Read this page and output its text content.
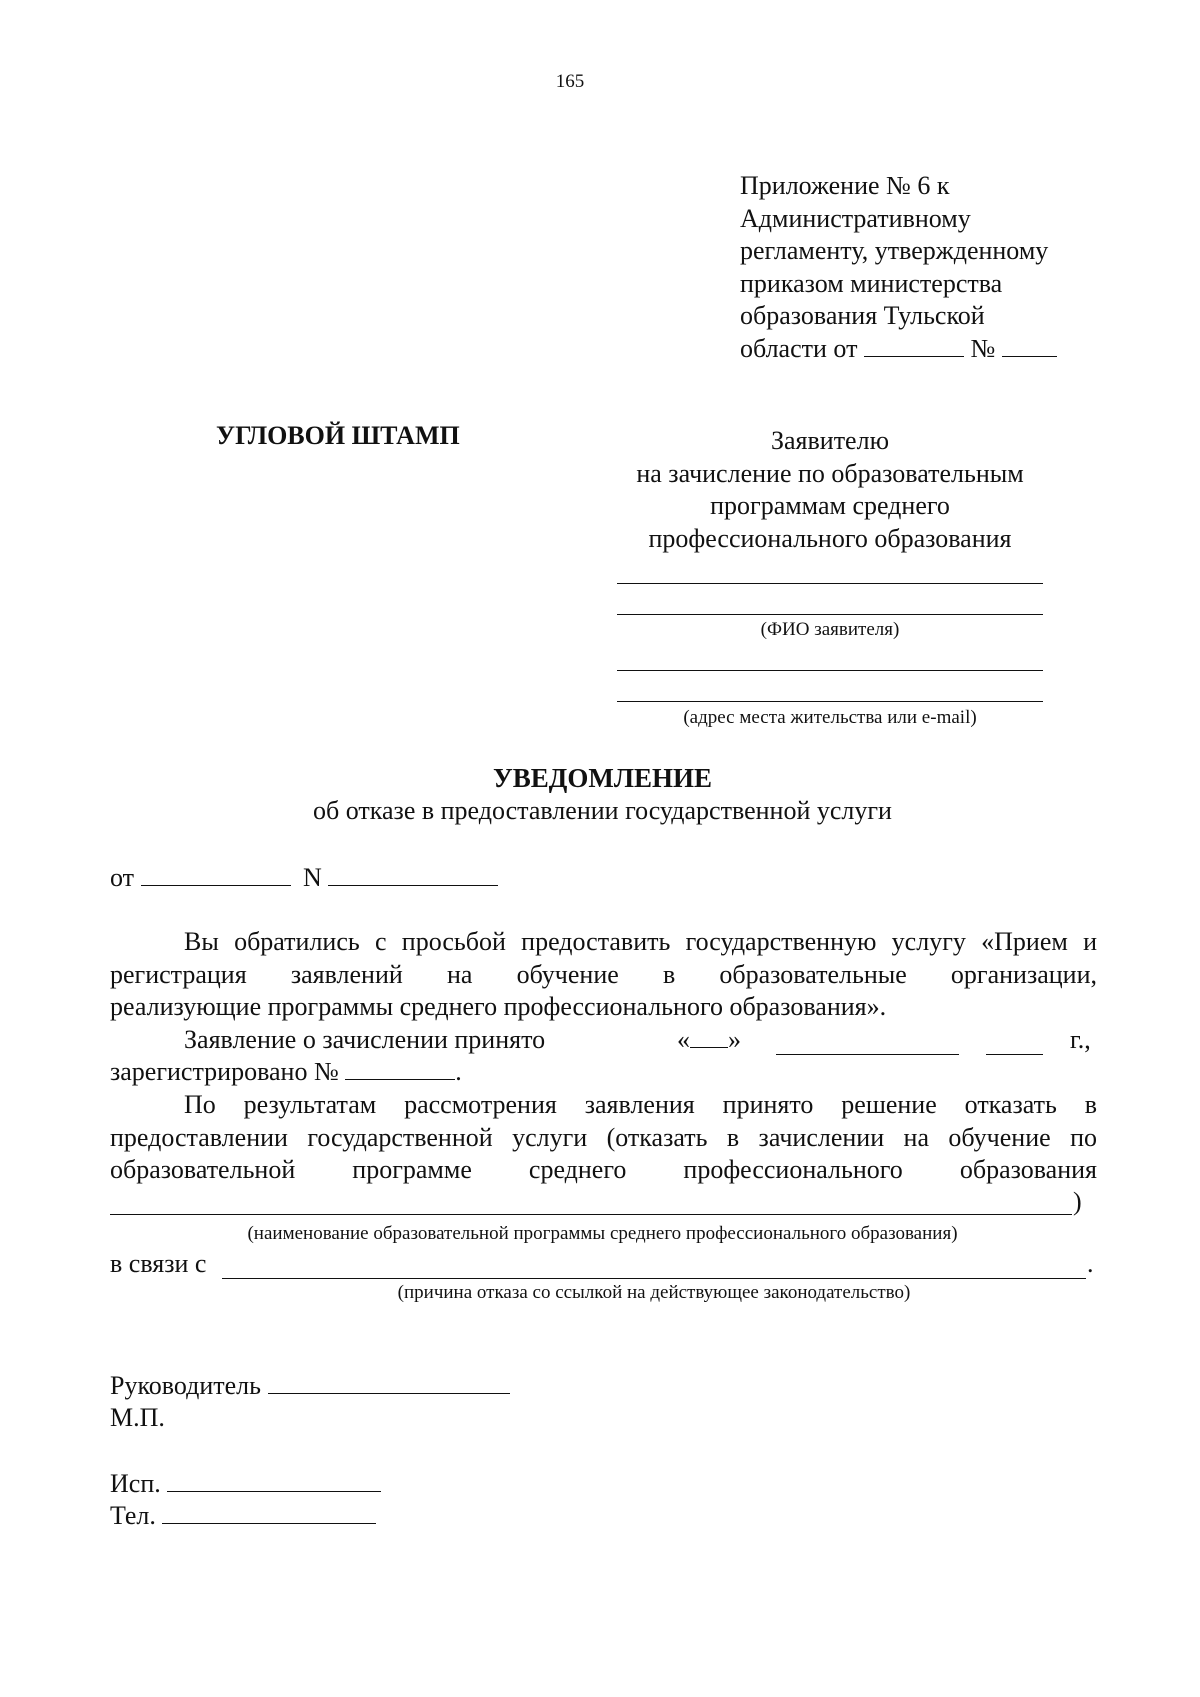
165
Приложение № 6 к
Административному
регламенту, утвержденному
приказом министерства
образования Тульской
области от	№
УГЛОВОЙ ШТАМП	Заявителю
на зачисление по образовательным
программам среднего
профессионального образования
(ФИО заявителя)
(адрес места жительства или e-mail)
УВЕДОМЛЕНИЕ
об отказе в предоставлении государственной услуги
от	N
Вы обратились с просьбой предоставить государственную услугу «Прием и
регистрация заявлений на обучение в образовательные организации,
реализующие программы среднего профессионального образования».
Заявление о зачислении принято	« »	г.,
зарегистрировано №	.
По результатам рассмотрения заявления принято решение отказать в
предоставлении государственной услуги (отказать в зачислении на обучение по
образовательной программе среднего профессионального образования
)
(наименование образовательной программы среднего профессионального образования)
в связи с	.
(причина отказа со ссылкой на действующее законодательство)
Руководитель
М.П.
Исп.
Тел.
